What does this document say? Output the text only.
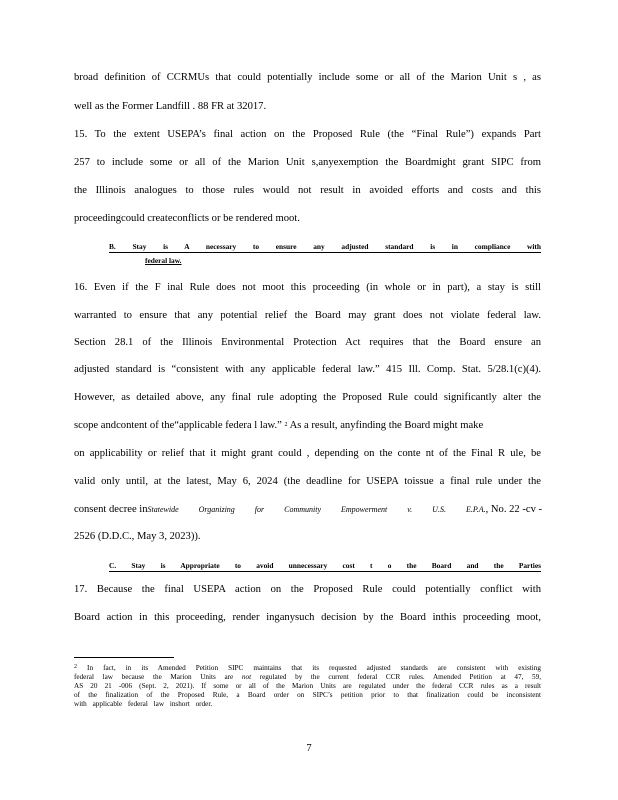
broad definition of CCRMUs that could potentially include some or all of the Marion Unit s , as
well as the Former Landfill . 88 FR at 32017.
15. To the extent USEPA’s final action on the Proposed Rule (the “Final Rule”) expands Part
257 to include some or all of the Marion Unit s,anyexemption the Boardmight grant SIPC from
the Illinois analogues to those rules would not result in avoided efforts and costs and this
proceedingcould createconflicts or be rendered moot.
B. Stay is A necessary to ensure any adjusted standard is in compliance with
federal law.
16. Even if the F inal Rule does not moot this proceeding (in whole or in part), a stay is still
warranted to ensure that any potential relief the Board may grant does not violate federal law.
Section 28.1 of the Illinois Environmental Protection Act requires that the Board ensure an
adjusted standard is “consistent with any applicable federal law.” 415 Ill. Comp. Stat. 5/28.1(c)(4).
However, as detailed above, any final rule adopting the Proposed Rule could significantly alter the
scope andcontent of the“applicable federa l law.” $^2$ As a result, anyfinding the Board might make
on applicability or relief that it might grant could , depending on the conte nt of the Final R ule, be
valid only until, at the latest, May 6, 2024 (the deadline for USEPA toissue a final rule under the
consent decree in Statewide Organizing for Community Empowerment v. U.S. E.P.A. , No. 22 -cv -
2526 (D.D.C., May 3, 2023)).
C. Stay is Appropriate to avoid unnecessary cost t o the Board and the Parties
17. Because the final USEPA action on the Proposed Rule could potentially conflict with
Board action in this proceeding, render inganysuch decision by the Board inthis proceeding moot,
$^2$ In fact, in its Amended Petition SIPC maintains that its requested adjusted standards are consistent with existing
federal law because the Marion Units are not regulated by the current federal CCR rules. Amended Petition at 47, 59,
AS 20 21 -006 (Sept. 2, 2021). If some or all of the Marion Units are regulated under the federal CCR rules as a result
of the finalization of the Proposed Rule, a Board order on SIPC’s petition prior to that finalization could be inconsistent
with applicable federal law inshort order.
7
